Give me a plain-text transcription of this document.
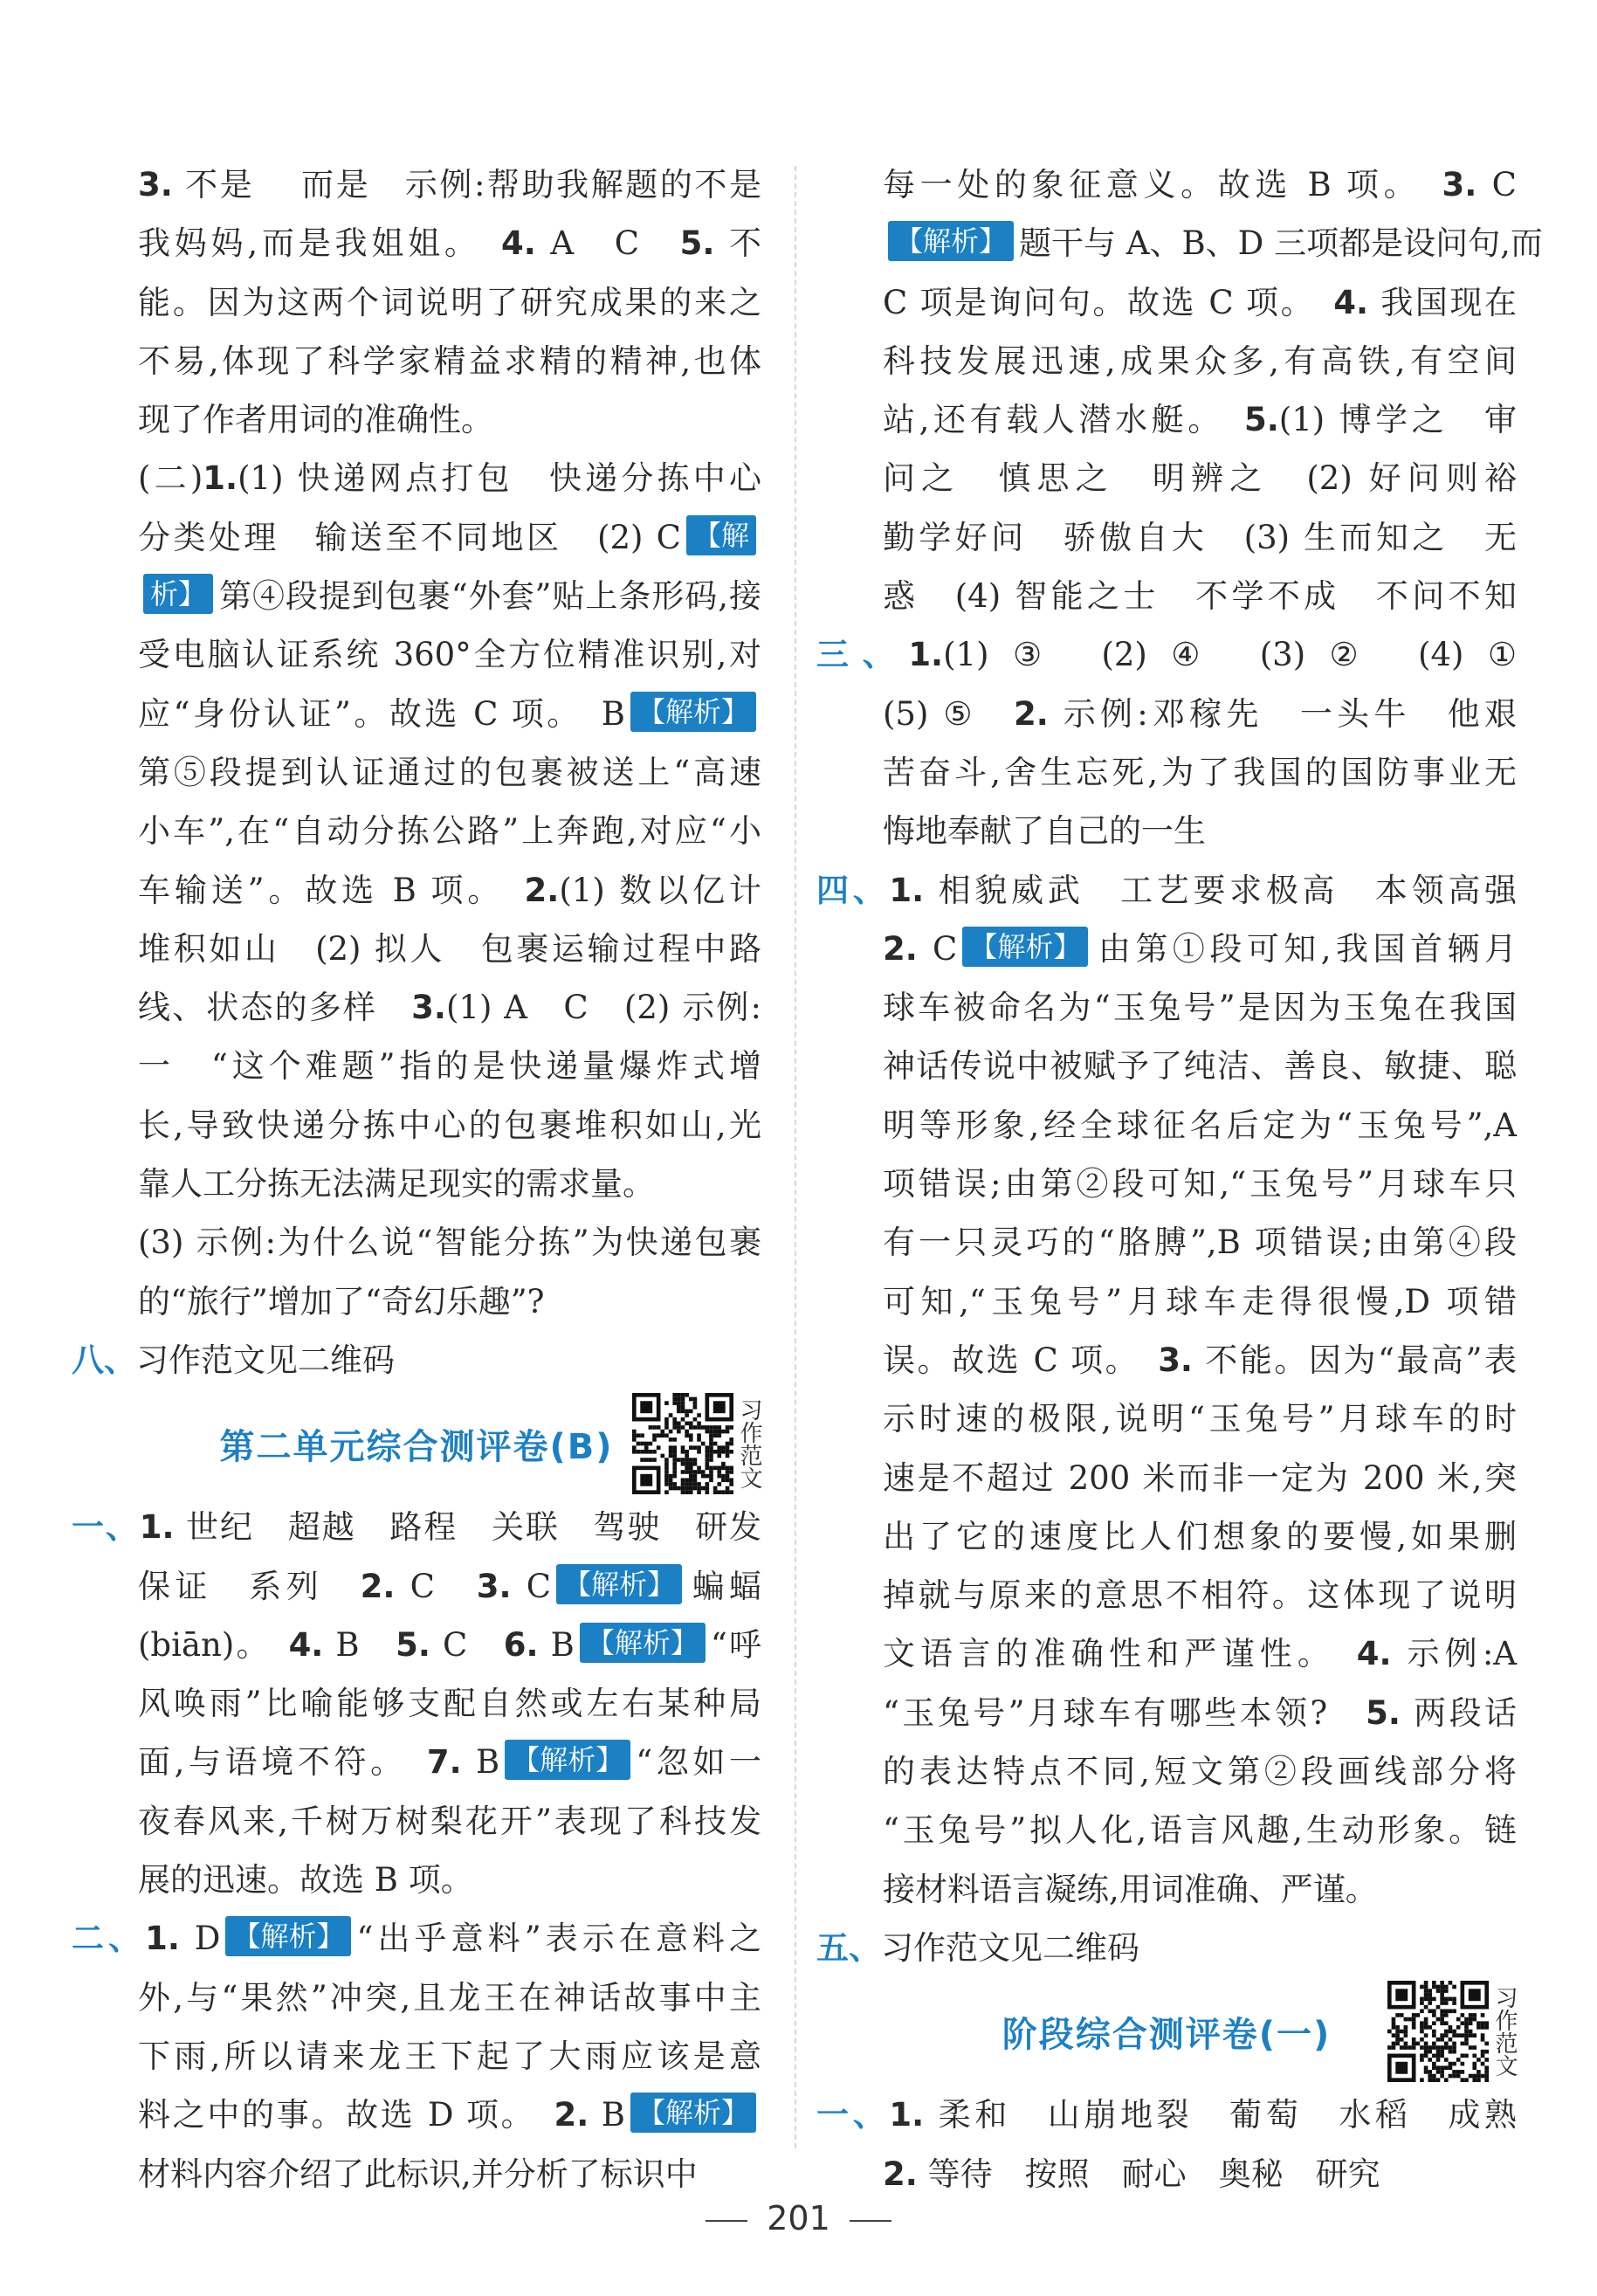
3. 不是　 而是　示例:帮助我解题的不是
我妈妈,而是我姐姐。　4. A　C　5. 不
能。因为这两个词说明了研究成果的来之
不易,体现了科学家精益求精的精神,也体
现了作者用词的准确性。
(二)1.(1) 快递网点打包　快递分拣中心
分类处理　输送至不同地区　(2) C 【解
析】 第④段提到包裹“外套”贴上条形码,接
受电脑认证系统 360°全方位精准识别,对
应“身份认证”。故选 C 项。　B 【解析】
第⑤段提到认证通过的包裹被送上“高速
小车”,在“自动分拣公路”上奔跑,对应“小
车输送”。故选 B 项。　2.(1) 数以亿计
堆积如山　(2) 拟人　包裹运输过程中路
线、状态的多样　3.(1) A　C　(2) 示例:
一　“这个难题”指的是快递量爆炸式增
长,导致快递分拣中心的包裹堆积如山,光
靠人工分拣无法满足现实的需求量。
(3) 示例:为什么说“智能分拣”为快递包裹
的“旅行”增加了“奇幻乐趣”?
八、习作范文见二维码
第二单元综合测评卷(B)	习作范文
一、1. 世纪　超越　路程　关联　驾驶　研发
保证　系列　2. C　3. C 【解析】 蝙蝠
(biān)。　4. B　5. C　6. B 【解析】 “呼
风唤雨”比喻能够支配自然或左右某种局
面,与语境不符。　7. B 【解析】 “忽如一
夜春风来,千树万树梨花开”表现了科技发
展的迅速。故选 B 项。
二、1. D 【解析】 “出乎意料”表示在意料之
外,与“果然”冲突,且龙王在神话故事中主
下雨,所以请来龙王下起了大雨应该是意
料之中的事。故选 D 项。　2. B 【解析】
材料内容介绍了此标识,并分析了标识中
每一处的象征意义。故选 B 项。　3. C
【解析】 题干与 A、B、D 三项都是设问句,而
C 项是询问句。故选 C 项。　4. 我国现在
科技发展迅速,成果众多,有高铁,有空间
站,还有载人潜水艇。　5.(1) 博学之　审
问之　慎思之　明辨之　(2) 好问则裕
勤学好问　骄傲自大　(3) 生而知之　无
惑　(4) 智能之士　不学不成　不问不知
三、1.(1) ③　(2) ④　(3) ②　(4) ①
(5) ⑤　2. 示例:邓稼先　一头牛　他艰
苦奋斗,舍生忘死,为了我国的国防事业无
悔地奉献了自己的一生
四、1. 相貌威武　工艺要求极高　本领高强
2. C 【解析】 由第①段可知,我国首辆月
球车被命名为“玉兔号”是因为玉兔在我国
神话传说中被赋予了纯洁、善良、敏捷、聪
明等形象,经全球征名后定为“玉兔号”,A
项错误;由第②段可知,“玉兔号”月球车只
有一只灵巧的“胳膊”,B 项错误;由第④段
可知,“玉兔号”月球车走得很慢,D 项错
误。故选 C 项。　3. 不能。因为“最高”表
示时速的极限,说明“玉兔号”月球车的时
速是不超过 200 米而非一定为 200 米,突
出了它的速度比人们想象的要慢,如果删
掉就与原来的意思不相符。这体现了说明
文语言的准确性和严谨性。　4. 示例:A
“玉兔号”月球车有哪些本领?　5. 两段话
的表达特点不同,短文第②段画线部分将
“玉兔号”拟人化,语言风趣,生动形象。链
接材料语言凝练,用词准确、严谨。
五、习作范文见二维码
阶段综合测评卷(一)	习作范文
一、1. 柔和　山崩地裂　葡萄　水稻　成熟
2. 等待　按照　耐心　奥秘　研究
201
